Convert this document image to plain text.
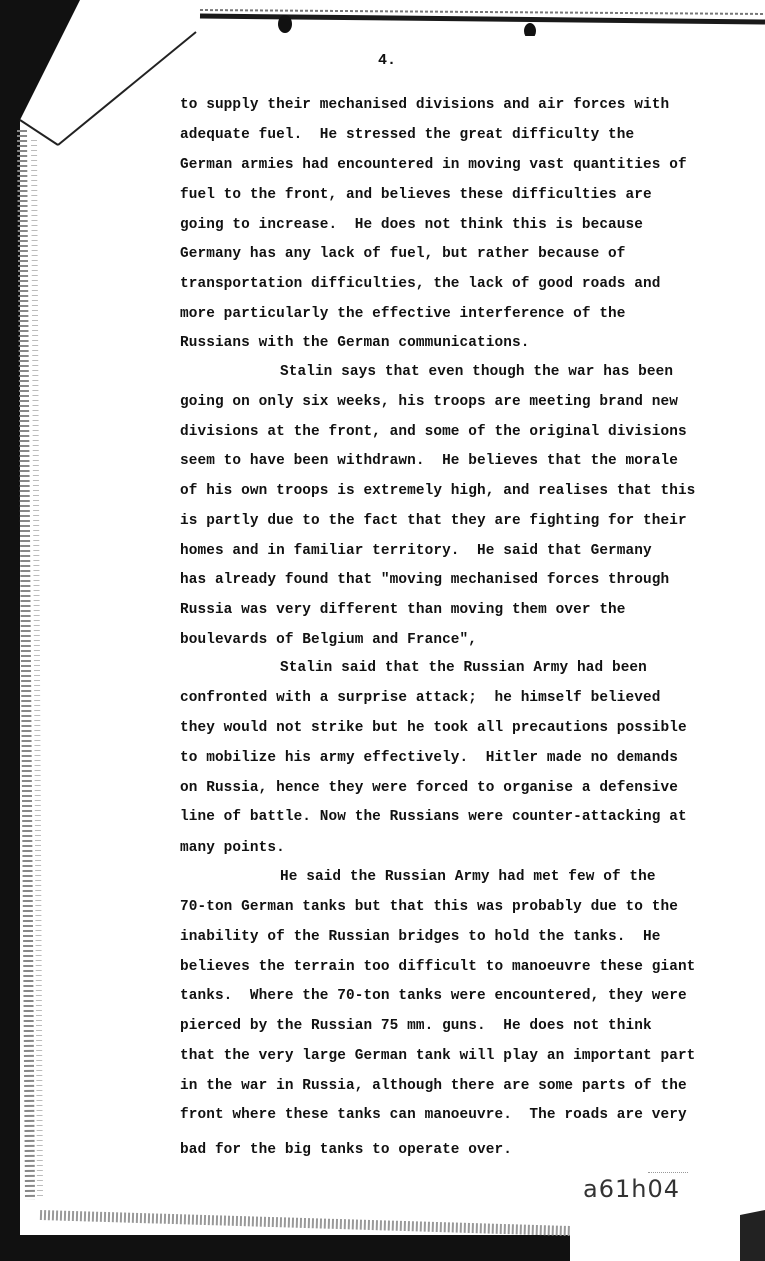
4.
to supply their mechanised divisions and air forces with
adequate fuel.  He stressed the great difficulty the
German armies had encountered in moving vast quantities of
fuel to the front, and believes these difficulties are
going to increase.  He does not think this is because
Germany has any lack of fuel, but rather because of
transportation difficulties, the lack of good roads and
more particularly the effective interference of the
Russians with the German communications.
Stalin says that even though the war has been
going on only six weeks, his troops are meeting brand new
divisions at the front, and some of the original divisions
seem to have been withdrawn.  He believes that the morale
of his own troops is extremely high, and realises that this
is partly due to the fact that they are fighting for their
homes and in familiar territory.  He said that Germany
has already found that "moving mechanised forces through
Russia was very different than moving them over the
boulevards of Belgium and France",
Stalin said that the Russian Army had been
confronted with a surprise attack;  he himself believed
they would not strike but he took all precautions possible
to mobilize his army effectively.  Hitler made no demands
on Russia, hence they were forced to organise a defensive
line of battle. Now the Russians were counter-attacking at
many points.
He said the Russian Army had met few of the
70-ton German tanks but that this was probably due to the
inability of the Russian bridges to hold the tanks.  He
believes the terrain too difficult to manoeuvre these giant
tanks.  Where the 70-ton tanks were encountered, they were
pierced by the Russian 75 mm. guns.  He does not think
that the very large German tank will play an important part
in the war in Russia, although there are some parts of the
front where these tanks can manoeuvre.  The roads are very
bad for the big tanks to operate over.
a61h04
